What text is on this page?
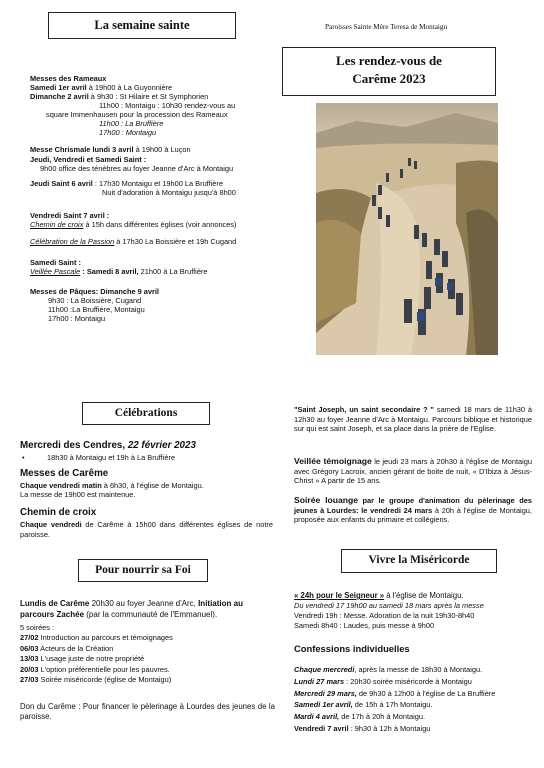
La semaine sainte	Paroisses Sainte Mère Teresa de Montaigu
Les rendez-vous de
Carême 2023
Messes des Rameaux
Samedi 1er avril à 19h00 à La Guyonnière
Dimanche 2 avril à 9h30 : St Hilaire et St Symphorien
11h00 : Montaigu : 10h30 rendez-vous au
square Immenhausen pour la procession des Rameaux
11h00 : La Bruffière
17h00 : Montaigu
Messe Chrismale lundi 3 avril à 19h00 à Luçon
Jeudi, Vendredi et Samedi Saint :
9h00 office des ténèbres au foyer Jeanne d'Arc à Montaigu
Jeudi Saint 6 avril : 17h30 Montaigu et 19h00 La Bruffière
Nuit d'adoration à Montaigu jusqu'à 8h00
Vendredi Saint 7 avril :
Chemin de croix à 15h dans différentes églises (voir annonces)
Célébration de la Passion à 17h30 La Boissière et 19h Cugand
Samedi Saint :
Veillée Pascale : Samedi 8 avril, 21h00 à La Bruffière
Messes de Pâques: Dimanche 9 avril
9h30 : La Boissière, Cugand
11h00 :La Bruffière, Montaigu
17h00 : Montaigu
Célébrations
Mercredi des Cendres, 22 février 2023
•	18h30 à Montaigu et 19h à La Bruffière
Messes de Carême
Chaque vendredi matin à 6h30, à l'église de Montaigu.
La messe de 19h00 est maintenue.
Chemin de croix
Chaque vendredi de Carême à 15h00 dans différentes églises de notre paroisse.
Pour nourrir sa Foi
Lundis de Carême 20h30 au foyer Jeanne d'Arc, Initiation au parcours Zachée (par la communauté de l'Emmanuel).
5 soirées :
27/02 Introduction au parcours et témoignages
06/03 Acteurs de la Création
13/03 L'usage juste de notre propriété
20/03 L'option préférentielle pour les pauvres.
27/03 Soirée miséricorde (église de Montaigu)
Don du Carême : Pour financer le pèlerinage à Lourdes des jeunes de la paroisse.
"Saint Joseph, un saint secondaire ? " samedi 18 mars de 11h30 à 12h30 au foyer Jeanne d'Arc à Montaigu. Parcours biblique et historique sur qui est saint Joseph, et sa place dans la prière de l'Eglise.
Veillée témoignage le jeudi 23 mars à 20h30 à l'église de Montaigu avec Grégory Lacroix, ancien gérant de boite de nuit, « D'Ibiza à Jésus-Christ » A partir de 15 ans.
Soirée louange par le groupe d'animation du pèlerinage des jeunes à Lourdes: le vendredi 24 mars à 20h à l'église de Montaigu, proposée aux enfants du primaire et collégiens.
Vivre la Miséricorde
« 24h pour le Seigneur » à l'église de Montaigu.
Du vendredi 17 19h00 au samedi 18 mars après la messe
Vendredi 19h : Messe. Adoration de la nuit 19h30-8h40
Samedi 8h40 : Laudes, puis messe à 9h00
Confessions individuelles
Chaque mercredi, après la messe de 18h30 à Montaigu.
Lundi 27 mars : 20h30 soirée miséricorde à Montaigu
Mercredi 29 mars, de 9h30 à 12h00 à l'église de La Bruffière
Samedi 1er avril, de 15h à 17h Montaigu.
Mardi 4 avril, de 17h à 20h à Montaigu.
Vendredi 7 avril : 9h30 à 12h à Montaigu
